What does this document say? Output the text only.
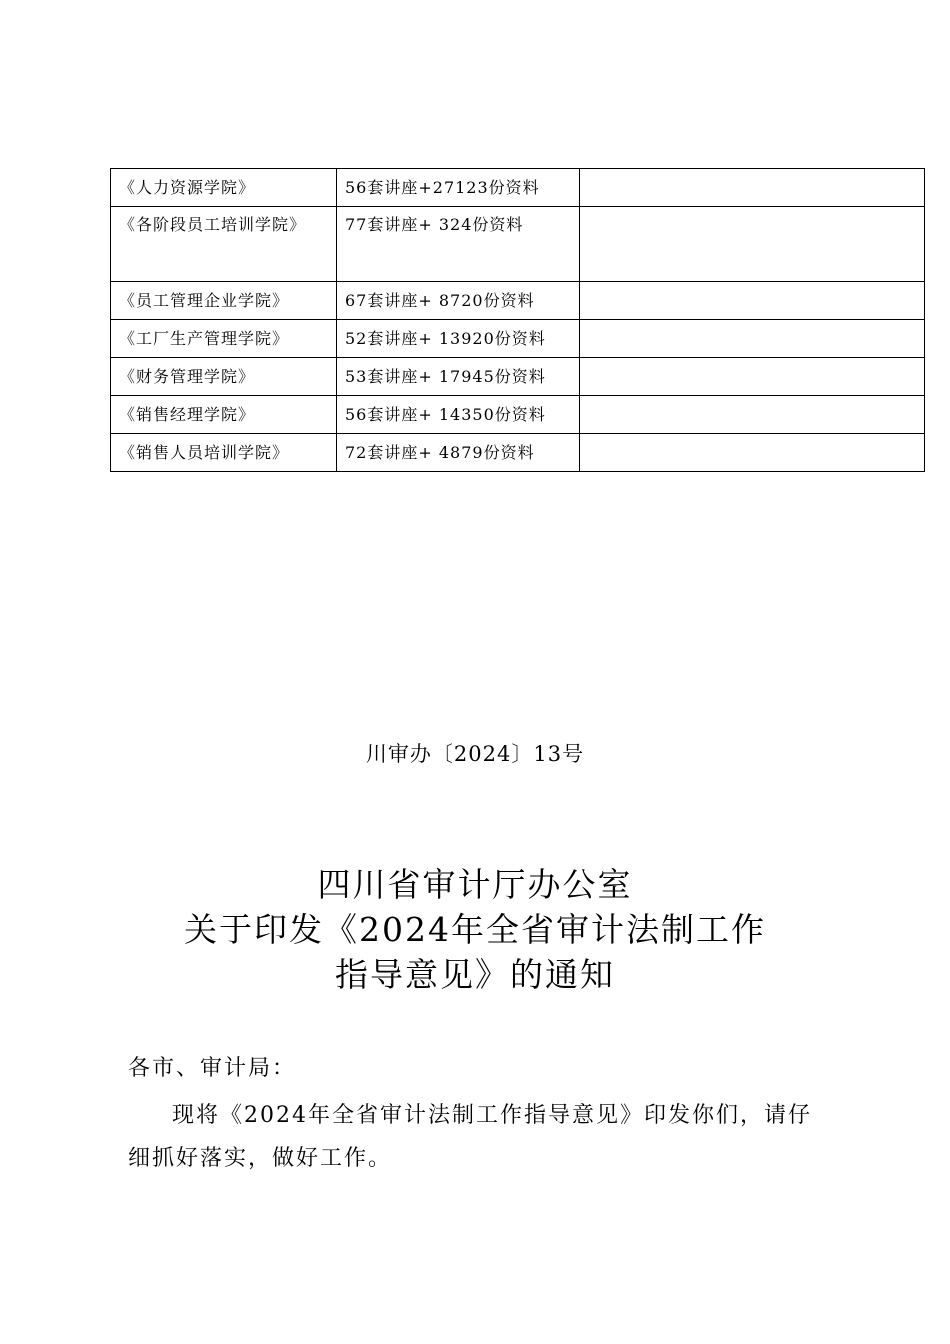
《人力资源学院》	56套讲座+27123份资料	

《各阶段员工培训学院》	77套讲座+ 324份资料	
《员工管理企业学院》	67套讲座+ 8720份资料	
《工厂生产管理学院》	52套讲座+ 13920份资料	
《财务管理学院》	53套讲座+ 17945份资料	
《销售经理学院》	56套讲座+ 14350份资料	
《销售人员培训学院》	72套讲座+ 4879份资料	
川审办〔2024〕13号
四川省审计厅办公室
关于印发《2024年全省审计法制工作
指导意见》的通知
各市、审计局：
现将《2024年全省审计法制工作指导意见》印发你们，请仔细抓好落实，做好工作。
